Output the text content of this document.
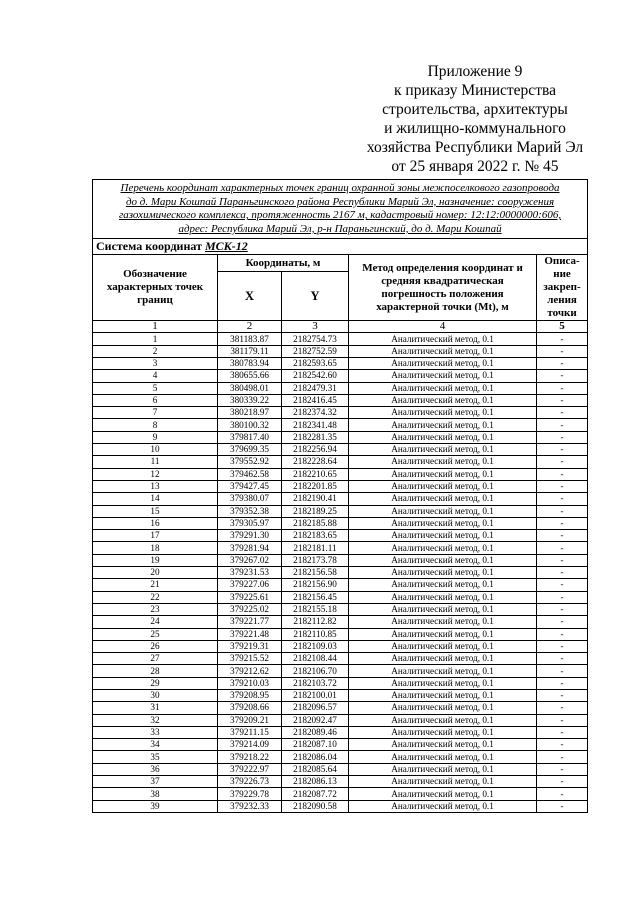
Приложение 9
к приказу Министерства
строительства, архитектуры
и жилищно-коммунального
хозяйства Республики Марий Эл
от 25 января 2022 г. № 45
Перечень координат характерных точек границ охранной зоны межпоселкового газопровода
до д. Мари Кошпай Параньгинского района Республики Марий Эл, назначение: сооружения
газохимического комплекса, протяженность 2167 м, кадастровый номер: 12:12:0000000:606,
адрес: Республика Марий Эл, р-н Параньгинский, до д. Мари Кошпай				

Система координат МСК-12				
Обозначение характерных точек границ	Координаты, м		Метод определения координат и средняя квадратическая погрешность положения характерной точки (Mt), м	Описа-ние закреп-ления точки
	X	Y		
1	2	3	4	5
1	381183.87	2182754.73	Аналитический метод, 0.1	-
2	381179.11	2182752.59	Аналитический метод, 0.1	-
3	380783.94	2182593.65	Аналитический метод, 0.1	-
4	380655.66	2182542.60	Аналитический метод, 0.1	-
5	380498.01	2182479.31	Аналитический метод, 0.1	-
6	380339.22	2182416.45	Аналитический метод, 0.1	-
7	380218.97	2182374.32	Аналитический метод, 0.1	-
8	380100.32	2182341.48	Аналитический метод, 0.1	-
9	379817.40	2182281.35	Аналитический метод, 0.1	-
10	379699.35	2182256.94	Аналитический метод, 0.1	-
11	379552.92	2182228.64	Аналитический метод, 0.1	-
12	379462.58	2182210.65	Аналитический метод, 0.1	-
13	379427.45	2182201.85	Аналитический метод, 0.1	-
14	379380.07	2182190.41	Аналитический метод, 0.1	-
15	379352.38	2182189.25	Аналитический метод, 0.1	-
16	379305.97	2182185.88	Аналитический метод, 0.1	-
17	379291.30	2182183.65	Аналитический метод, 0.1	-
18	379281.94	2182181.11	Аналитический метод, 0.1	-
19	379267.02	2182173.78	Аналитический метод, 0.1	-
20	379231.53	2182156.58	Аналитический метод, 0.1	-
21	379227.06	2182156.90	Аналитический метод, 0.1	-
22	379225.61	2182156.45	Аналитический метод, 0.1	-
23	379225.02	2182155.18	Аналитический метод, 0.1	-
24	379221.77	2182112.82	Аналитический метод, 0.1	-
25	379221.48	2182110.85	Аналитический метод, 0.1	-
26	379219.31	2182109.03	Аналитический метод, 0.1	-
27	379215.52	2182108.44	Аналитический метод, 0.1	-
28	379212.62	2182106.70	Аналитический метод, 0.1	-
29	379210.03	2182103.72	Аналитический метод, 0.1	-
30	379208.95	2182100.01	Аналитический метод, 0.1	-
31	379208.66	2182096.57	Аналитический метод, 0.1	-
32	379209.21	2182092.47	Аналитический метод, 0.1	-
33	379211.15	2182089.46	Аналитический метод, 0.1	-
34	379214.09	2182087.10	Аналитический метод, 0.1	-
35	379218.22	2182086.04	Аналитический метод, 0.1	-
36	379222.97	2182085.64	Аналитический метод, 0.1	-
37	379226.73	2182086.13	Аналитический метод, 0.1	-
38	379229.78	2182087.72	Аналитический метод, 0.1	-
39	379232.33	2182090.58	Аналитический метод, 0.1	-
